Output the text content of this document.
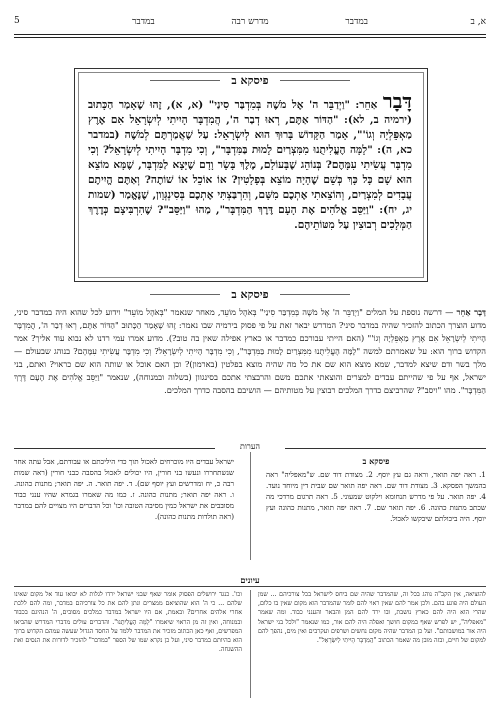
5	במדבר	מדרש רבה	במדבר	א, ב
פיסקא ב
דָּבָר אַחֵר: "וַיְדַבֵּר ה' אֶל מֹשֶׁה בְּמִדְבַּר סִינַי" (א, א), זֶהוּ שֶׁאָמַר הַכָּתוּב (ירמיה ב, לא): "הַדּוֹר אַתֶּם, רְאוּ דְבַר ה', הֲמִדְבָּר הָיִיתִי לְיִשְׂרָאֵל אִם אֶרֶץ מַאְפֵּלְיָה וְגוֹ'", אָמַר הַקָּדוֹשׁ בָּרוּךְ הוּא לְיִשְׂרָאֵל: עַל שֶׁאֲמַרְתֶּם לְמֹשֶׁה (במדבר כא, ה): "לָמָּה הֶעֱלִיתֻנוּ מִמִּצְרַיִם לָמוּת בַּמִּדְבָּר", וְכִי מִדְבָּר הָיִיתִי לְיִשְׂרָאֵל? וְכִי מִדְבָּר עֲשִׂיתִי עִמָּהֶם? בְּנוֹהֵג שֶׁבָּעוֹלָם, מֶלֶךְ בָּשָׂר וָדָם שֶׁיָּצָא לַמִּדְבָּר, שֶׁמָּא מוֹצֵא הוּא שָׁם כָּל כָּךְ כְּשֵׁם שֶׁהָיָה מוֹצֵא בְּפָלָטִין? אוֹ אוֹכֵל אוֹ שׁוֹתֶה? וְאַתֶּם הֱיִיתֶם עֲבָדִים לְמִצְרַיִם, וְהוֹצֵאתִי אֶתְכֶם מִשָּׁם, וְהִרְבַּצְתִּי אֶתְכֶם בְּסִינְגְּוָון, שֶׁנֶּאֱמַר (שמות יג, יח): "וַיַּסֵּב אֱלֹהִים אֶת הָעָם דֶּרֶךְ הַמִּדְבָּר", מַהוּ "וַיַּסֵּב"? שֶׁהִרְבִּיצָם כְּדֶרֶךְ הַמְּלָכִים רְבוּצִין עַל מִטּוֹתֵיהֶם.
פיסקא ב
דָּבָר אַחֵר — דרשה נוספת על המלים "וַיְדַבֵּר ה' אֶל מֹשֶׁה בְּמִדְבַּר סִינַי" בְּאֹהֶל מוֹעֵד, מאחר שנאמר "בְּאֹהֶל מוֹעֵד" וידוע לכל שהוא היה במדבר סיני, מדוע הוצרך הכתוב להזכיר שהיה במדבר סיני? המדרש יבאר זאת על פי פסוק בירמיה שבו נאמר: זֶהוּ שֶׁאָמַר הַכָּתוּב "הַדּוֹר אַתֶּם, רְאוּ דְבַר ה', הֲמִדְבָּר הָיִיתִי לְיִשְׂרָאֵל אִם אֶרֶץ מַאְפֵּלְיָה וְגוֹ'" (האם הייתי עבורכם כמדבר או כארץ אפילה שאין בה טוב?). מדוע אמרו עמי רדנו לא נבוא עוד אליך? אמר הקדוש ברוך הוא: על שאמרתם למשה "לָמָּה הֶעֱלִיתֻנוּ מִמִּצְרַיִם לָמוּת בַּמִּדְבָּר", וְכִי מִדְבָּר הָיִיתִי לְיִשְׂרָאֵל? וְכִי מִדְבָּר עֲשִׂיתִי עִמָּהֶם? בנוהג שבעולם — מלך בשר ודם שיצא למדבר, שמא מוצא הוא שם את כל מה שהיה מוצא בפלטין (בארמון)? וכן האם אוכל או שותה הוא שם כראוי? ואתם, בני ישראל, אף על פי שהייתם עבדים למצרים והוצאתי אתכם משם והרבצתי אתכם בסינגוון (בשלוה ובמנוחה), שנאמר "וַיַּסֵּב אֱלֹהִים אֶת הָעָם דֶּרֶךְ הַמִּדְבָּר". מהו "ויסב"? שהרביצם כדרך המלכים רבוצין על מטותיהם — הושיבם בהסבה כדרך המלכים.
הערות
ישראל עבדים היו מוכרחים לאכול תוך כדי היליכתם או עבודתם, אבל עתה אחר שנשתחררו ונעשו בני חורין, היו יכולים לאכול בהסבה כבני חורין (ראה שמות רבה כ, יח ומדרשים ועץ יוסף שם). ד. יפה תואר. ה. יפה תואר; מתנות כהונה. ו. ראה יפה תואר; מתנות כהונה. ז. כמו מה שאמרו בגמרא שהיו ענני כבוד מסובבים את ישראל כמין מסיבה הטובה וכו' וכל הדברים היו מצויים להם במדבר (ראה תולדות מתנות כהונה).
פיסקא ב
1. ראה יפה תואר, וראה גם עץ יוסף. 2. מצודת דוד שם. ש"מאפליה" ראה בהמשך הפסקא. 3. מצודת דוד שם. ראה יפה תואר שם שבית דין מיוחד נועד. 4. יפה תואר. על פי מדרש תנחומא וילקוט שמעוני. 5. ראה תרגום מרדכי מה שכתב מתנות כהונה. 6. יפה תואר שם. 7. ראה יפה תואר, מתנות כהונה ועץ יוסף. היה ביכולתם שיבקשו לאכול.
עיונים
וכו'. כנגד ירושלים הפסוק אומר שאף שבני ישראל ירדו לגלות לא יבואו עוד אל מקום שאינו שלהם ... כי ה' הוא שהוציאם ממצרים ונתן להם את כל צורכיהם במדבר, ומה להם ללכת אחרי אלהים אחרים? ובאמת, אם היו ישראל במדבר כמלכים מסובים, ה' הנהיגם בכבוד ובמנוחה, ואין זה מן הראוי שיאמרו "לָמָּה הֶעֱלִיתֻנוּ". והדברים עולים מדברי המדרש שהביאו המפרשים, ואף כאן הכתוב מזכיר את המדבר ללמד על החסד הגדול שעשה עמהם הקדוש ברוך הוא בהיותם במדבר סיני, ועל כן נקרא שמו של הספר "במדבר" להזכיר לדורות את הנסים ואת ההשגחה.
להוציאה, אין הקב"ה נוהג בכל זה, שהמדבר שהיה שם ביחס לישראל בכל צורכיהם ... שמן העולם היה פוגע בהם. ולכן אמר להם שאין ראוי להם לומר שהמדבר הוא מקום שאין בו כלום, שהרי הוא היה להם כארץ נושבת, ובו ירד להם המן והבאר והענני כבוד. ומה שאמר "מאפליה", יש לפרש שאף במקום חושך ואפלה היה להם אור, כמו שנאמר "ולכל בני ישראל היה אור במושבותם". ועל כן המדבר שהיה מקום נחשים ושרפים ועקרבים ואין מים, נהפך להם למקום של חיים, ובזה מובן מה שאמר הכתוב "הֲמִדְבָּר הָיִיתִי לְיִשְׂרָאֵל".
